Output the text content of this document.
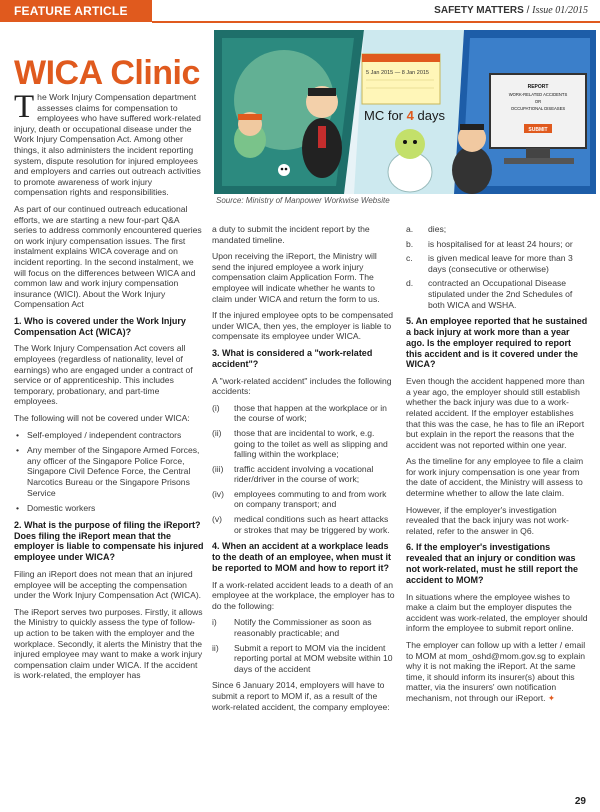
FEATURE ARTICLE	SAFETY MATTERS / Issue 01/2015
WICA Clinic	5 Jan 2015 — 8 Jan 2015
MC for 4 days
REPORT
WORK-RELATED ACCIDENTS
OR
OCCUPATIONAL DISEASES
SUBMIT
Source: Ministry of Manpower Workwise Website

The Work Injury Compensation department assesses claims for compensation to employees who have suffered work-related injury, death or occupational disease under the Work Injury Compensation Act. Among other things, it also administers the incident reporting system, dispute resolution for injured employees and employers and carries out outreach activities to promote awareness of work injury compensation rights and responsibilities.

As part of our continued outreach educational efforts, we are starting a new four-part Q&A series to address commonly encountered queries on work injury compensation issues. The first instalment explains WICA coverage and on incident reporting. In the second instalment, we will focus on the differences between WICA and common law and work injury compensation insurance (WICI). About the Work Injury Compensation Act

1. Who is covered under the Work Injury Compensation Act (WICA)?

The Work Injury Compensation Act covers all employees (regardless of nationality, level of earnings) who are engaged under a contract of service or of apprenticeship. This includes temporary, probationary, and part-time employees.

The following will not be covered under WICA:

• Self-employed / independent contractors
• Any member of the Singapore Armed Forces, any officer of the Singapore Police Force, Singapore Civil Defence Force, the Central Narcotics Bureau or the Singapore Prisons Service
• Domestic workers
2. What is the purpose of filing the iReport? Does filing the iReport mean that the employer is liable to compensate his injured employee under WICA?

Filing an iReport does not mean that an injured employee will be accepting the compensation under the Work Injury Compensation Act (WICA).

The iReport serves two purposes. Firstly, it allows the Ministry to quickly assess the type of follow-up action to be taken with the employer and the workplace. Secondly, it alerts the Ministry that the injured employee may want to make a work injury compensation claim under WICA. If the accident is work-related, the employer has

a duty to submit the incident report by the mandated timeline.

Upon receiving the iReport, the Ministry will send the injured employee a work injury compensation claim Application Form. The employee will indicate whether he wants to claim under WICA and return the form to us.

If the injured employee opts to be compensated under WICA, then yes, the employer is liable to compensate its employee under WICA.

3. What is considered a "work-related accident"?

A "work-related accident" includes the following accidents:

(i) those that happen at the workplace or in the course of work;
(ii) those that are incidental to work, e.g. going to the toilet as well as slipping and falling within the workplace;
(iii) traffic accident involving a vocational rider/driver in the course of work;
(iv) employees commuting to and from work on company transport; and
(v) medical conditions such as heart attacks or strokes that may be triggered by work.
4. When an accident at a workplace leads to the death of an employee, when must it be reported to MOM and how to report it?

If a work-related accident leads to a death of an employee at the workplace, the employer has to do the following:

i) Notify the Commissioner as soon as reasonably practicable; and
ii) Submit a report to MOM via the incident reporting portal at MOM website within 10 days of the accident

Since 6 January 2014, employers will have to submit a report to MOM if, as a result of the work-related accident, the company employee:

a. dies;
b. is hospitalised for at least 24 hours; or
c. is given medical leave for more than 3 days (consecutive or otherwise)
d. contracted an Occupational Disease stipulated under the 2nd Schedules of both WICA and WSHA.
5. An employee reported that he sustained a back injury at work more than a year ago. Is the employer required to report this accident and is it covered under the WICA?

Even though the accident happened more than a year ago, the employer should still establish whether the back injury was due to a work-related accident. If the employer establishes that this was the case, he has to file an iReport but explain in the report the reasons that the accident was not reported within one year.

As the timeline for any employee to file a claim for work injury compensation is one year from the date of accident, the Ministry will assess to determine whether to allow the late claim.

However, if the employer's investigation revealed that the back injury was not work-related, refer to the answer in Q6.

6. If the employer's investigations revealed that an injury or condition was not work-related, must he still report the accident to MOM?

In situations where the employee wishes to make a claim but the employer disputes the accident was work-related, the employer should inform the employee to submit report online.

The employer can follow up with a letter / email to MOM at mom_oshd@mom.gov.sg to explain why it is not making the iReport. At the same time, it should inform its insurer(s) about this matter, via the insurers' own notification mechanism, not through our iReport. ✦

29
